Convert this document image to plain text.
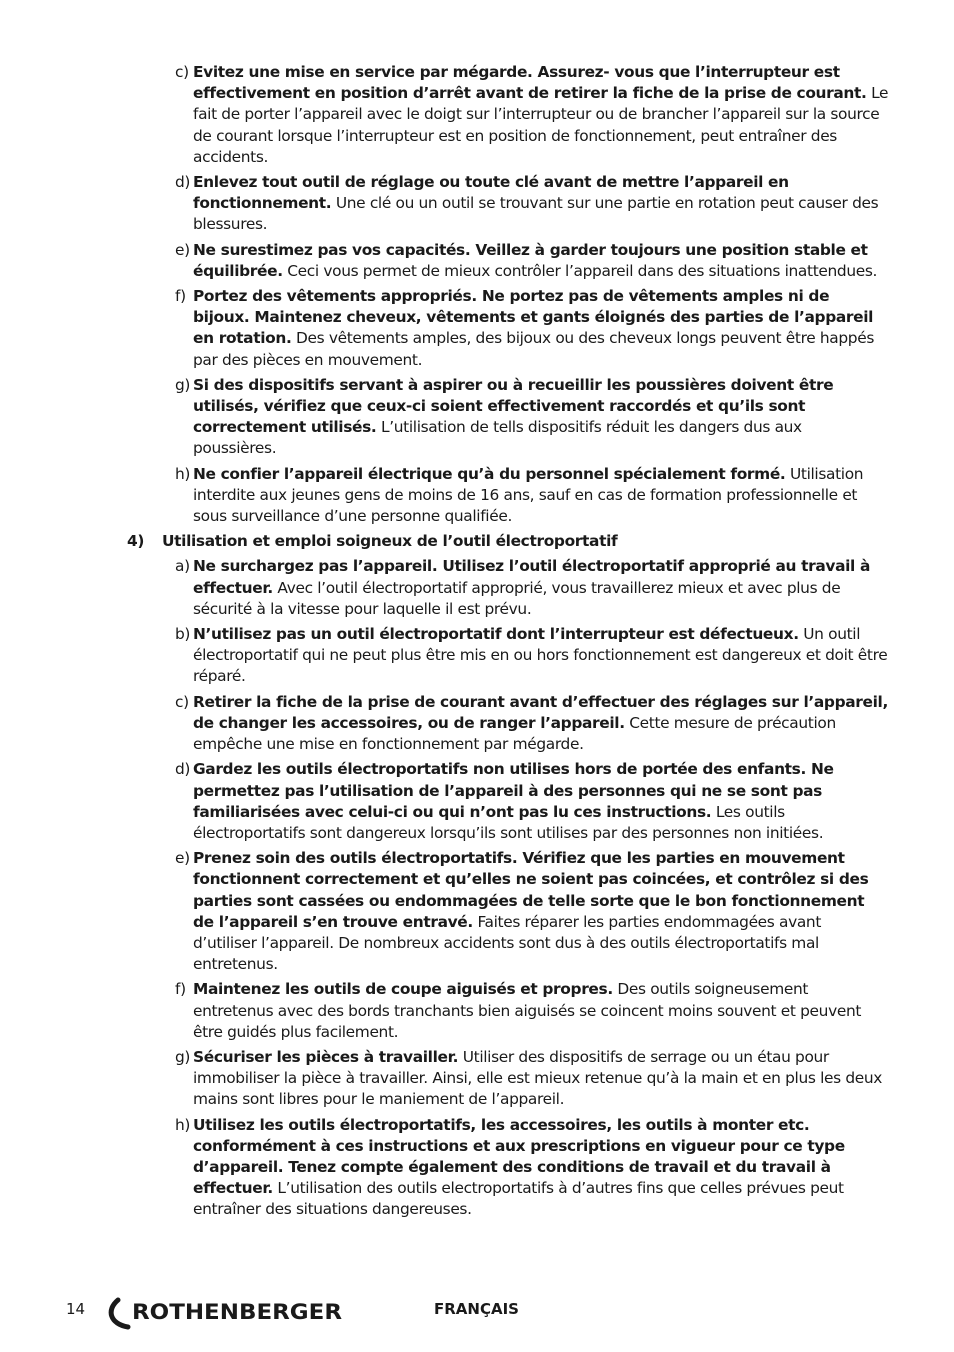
c) Evitez une mise en service par mégarde. Assurez- vous que l’interrupteur est effectivement en position d’arrêt avant de retirer la fiche de la prise de courant. Le fait de porter l’appareil avec le doigt sur l’interrupteur ou de brancher l’appareil sur la source de courant lorsque l’interrupteur est en position de fonctionnement, peut entraîner des accidents.
d) Enlevez tout outil de réglage ou toute clé avant de mettre l’appareil en fonctionnement. Une clé ou un outil se trouvant sur une partie en rotation peut causer des blessures.
e) Ne surestimez pas vos capacités. Veillez à garder toujours une position stable et équilibrée. Ceci vous permet de mieux contrôler l’appareil dans des situations inattendues.
f) Portez des vêtements appropriés. Ne portez pas de vêtements amples ni de bijoux. Maintenez cheveux, vêtements et gants éloignés des parties de l’appareil en rotation. Des vêtements amples, des bijoux ou des cheveux longs peuvent être happés par des pièces en mouvement.
g) Si des dispositifs servant à aspirer ou à recueillir les poussières doivent être utilisés, vérifiez que ceux-ci soient effectivement raccordés et qu’ils sont correctement utilisés. L’utilisation de tells dispositifs réduit les dangers dus aux poussières.
h) Ne confier l’appareil électrique qu’à du personnel spécialement formé. Utilisation interdite aux jeunes gens de moins de 16 ans, sauf en cas de formation professionnelle et sous surveillance d’une personne qualifiée.
4)	Utilisation et emploi soigneux de l’outil électroportatif
a) Ne surchargez pas l’appareil. Utilisez l’outil électroportatif approprié au travail à effectuer. Avec l’outil électroportatif approprié, vous travaillerez mieux et avec plus de sécurité à la vitesse pour laquelle il est prévu.
b) N’utilisez pas un outil électroportatif dont l’interrupteur est défectueux. Un outil électroportatif qui ne peut plus être mis en ou hors fonctionnement est dangereux et doit être réparé.
c) Retirer la fiche de la prise de courant avant d’effectuer des réglages sur l’appareil, de changer les accessoires, ou de ranger l’appareil. Cette mesure de précaution empêche une mise en fonctionnement par mégarde.
d) Gardez les outils électroportatifs non utilises hors de portée des enfants. Ne permettez pas l’utilisation de l’appareil à des personnes qui ne se sont pas familiarisées avec celui-ci ou qui n’ont pas lu ces instructions. Les outils électroportatifs sont dangereux lorsqu’ils sont utilises par des personnes non initiées.
e) Prenez soin des outils électroportatifs. Vérifiez que les parties en mouvement fonctionnent correctement et qu’elles ne soient pas coincées, et contrôlez si des parties sont cassées ou endommagées de telle sorte que le bon fonctionnement de l’appareil s’en trouve entravé. Faites réparer les parties endommagées avant d’utiliser l’appareil. De nombreux accidents sont dus à des outils électroportatifs mal entretenus.
f) Maintenez les outils de coupe aiguisés et propres. Des outils soigneusement entretenus avec des bords tranchants bien aiguisés se coincent moins souvent et peuvent être guidés plus facilement.
g) Sécuriser les pièces à travailler. Utiliser des dispositifs de serrage ou un étau pour immobiliser la pièce à travailler. Ainsi, elle est mieux retenue qu’à la main et en plus les deux mains sont libres pour le maniement de l’appareil.
h) Utilisez les outils électroportatifs, les accessoires, les outils à monter etc. conformément à ces instructions et aux prescriptions en vigueur pour ce type d’appareil. Tenez compte également des conditions de travail et du travail à effectuer. L’utilisation des outils electroportatifs à d’autres fins que celles prévues peut entraîner des situations dangereuses.
14 ROTHENBERGER	FRANÇAIS
